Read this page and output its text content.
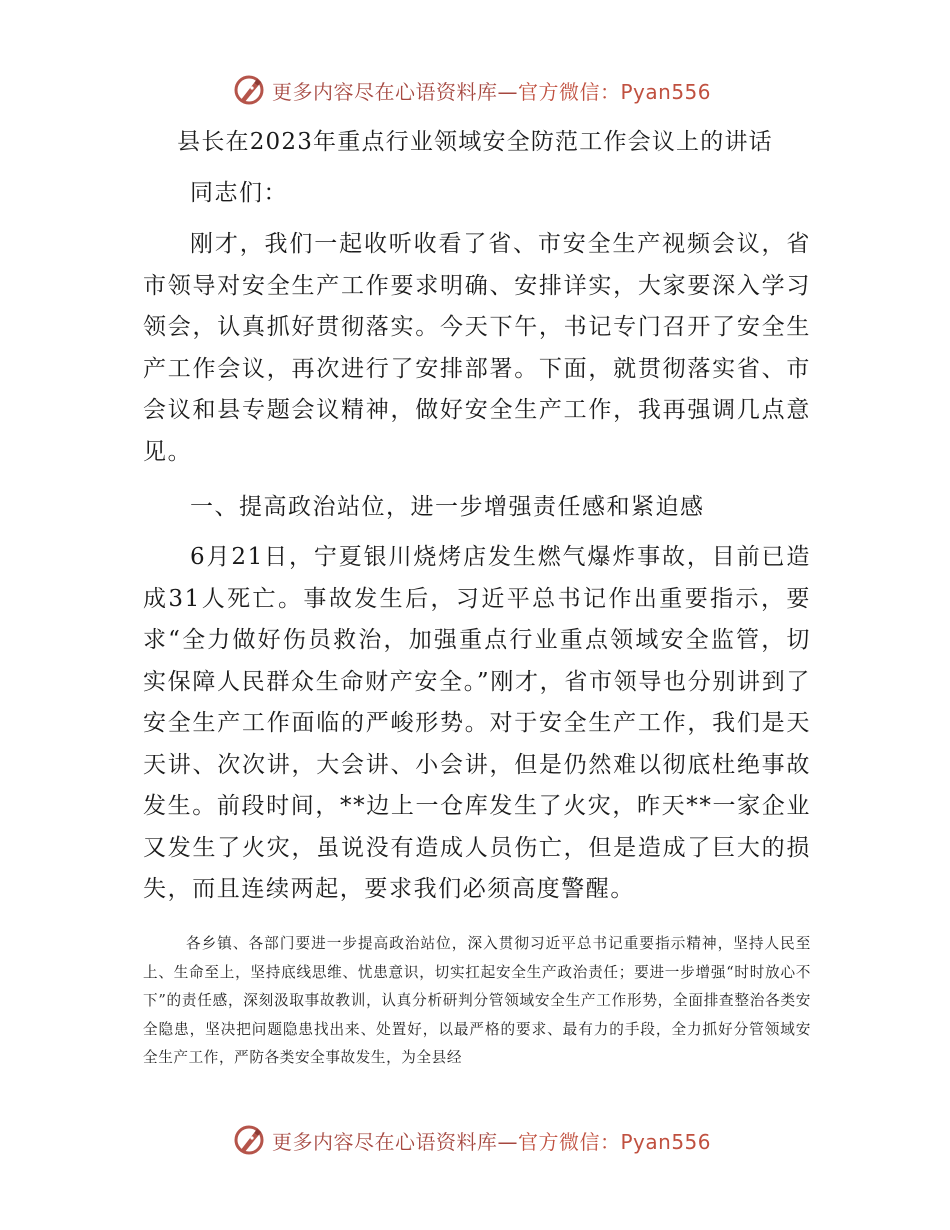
更多内容尽在心语资料库—官方微信：Pyan556
县长在2023年重点行业领域安全防范工作会议上的讲话
同志们：

刚才，我们一起收听收看了省、市安全生产视频会议，省市领导对安全生产工作要求明确、安排详实，大家要深入学习领会，认真抓好贯彻落实。今天下午，书记专门召开了安全生产工作会议，再次进行了安排部署。下面，就贯彻落实省、市会议和县专题会议精神，做好安全生产工作，我再强调几点意见。

一、提高政治站位，进一步增强责任感和紧迫感

6月21日，宁夏银川烧烤店发生燃气爆炸事故，目前已造成31人死亡。事故发生后，习近平总书记作出重要指示，要求“全力做好伤员救治，加强重点行业重点领域安全监管，切实保障人民群众生命财产安全。”刚才，省市领导也分别讲到了安全生产工作面临的严峻形势。对于安全生产工作，我们是天天讲、次次讲，大会讲、小会讲，但是仍然难以彻底杜绝事故发生。前段时间，**边上一仓库发生了火灾，昨天**一家企业又发生了火灾，虽说没有造成人员伤亡，但是造成了巨大的损失，而且连续两起，要求我们必须高度警醒。

各乡镇、各部门要进一步提高政治站位，深入贯彻习近平总书记重要指示精神，坚持人民至上、生命至上，坚持底线思维、忧患意识，切实扛起安全生产政治责任；要进一步增强“时时放心不下”的责任感，深刻汲取事故教训，认真分析研判分管领域安全生产工作形势，全面排查整治各类安全隐患，坚决把问题隐患找出来、处置好，以最严格的要求、最有力的手段，全力抓好分管领域安全生产工作，严防各类安全事故发生，为全县经

更多内容尽在心语资料库—官方微信：Pyan556
